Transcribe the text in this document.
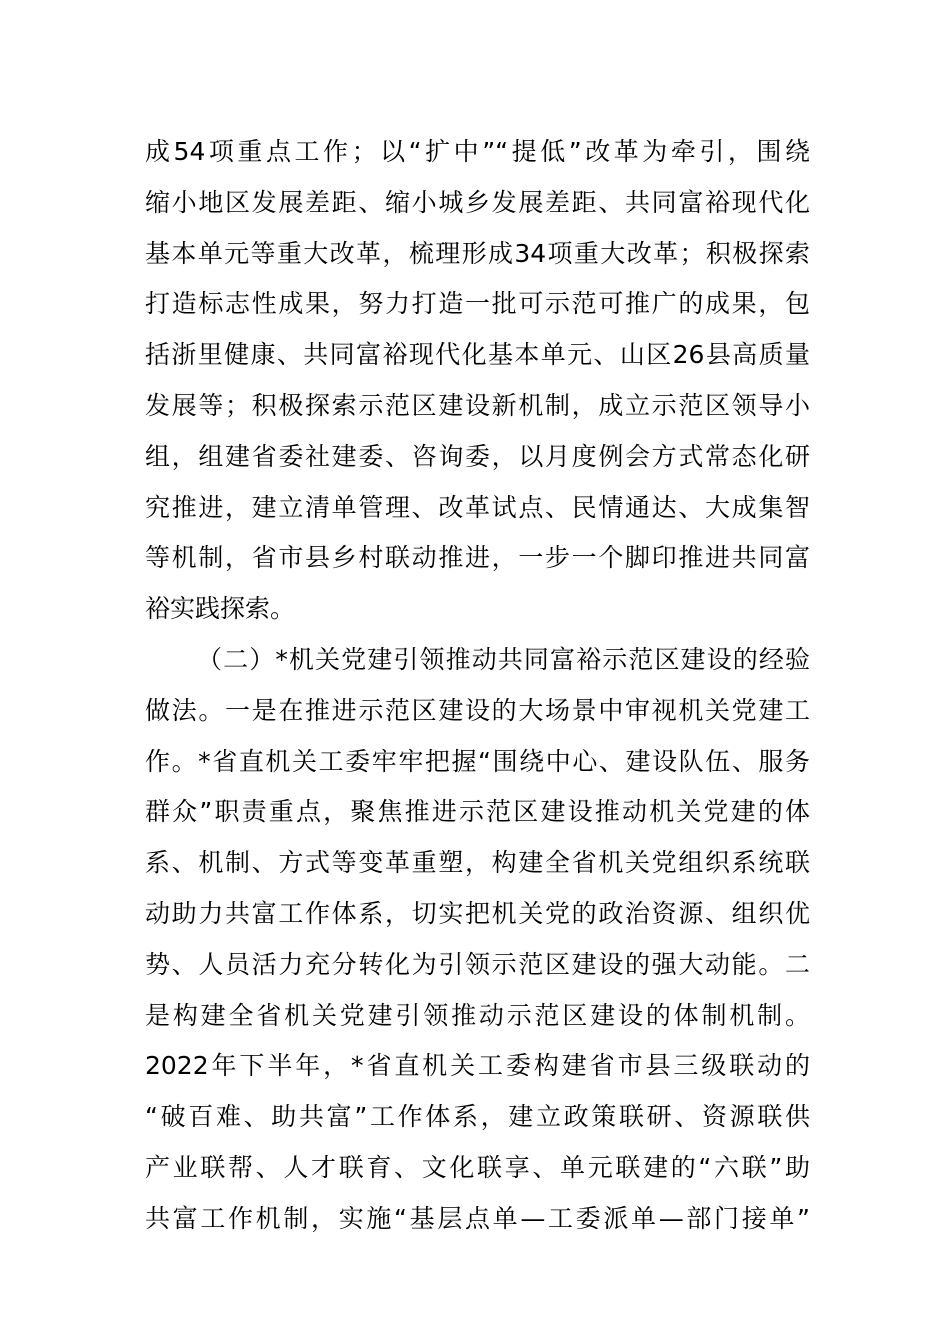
成54项重点工作；以“扩中”“提低”改革为牵引，围绕
缩小地区发展差距、缩小城乡发展差距、共同富裕现代化
基本单元等重大改革，梳理形成34项重大改革；积极探索
打造标志性成果，努力打造一批可示范可推广的成果，包
括浙里健康、共同富裕现代化基本单元、山区26县高质量
发展等；积极探索示范区建设新机制，成立示范区领导小
组，组建省委社建委、咨询委，以月度例会方式常态化研
究推进，建立清单管理、改革试点、民情通达、大成集智
等机制，省市县乡村联动推进，一步一个脚印推进共同富
裕实践探索。
（二）*机关党建引领推动共同富裕示范区建设的经验
做法。一是在推进示范区建设的大场景中审视机关党建工
作。*省直机关工委牢牢把握“围绕中心、建设队伍、服务
群众”职责重点，聚焦推进示范区建设推动机关党建的体
系、机制、方式等变革重塑，构建全省机关党组织系统联
动助力共富工作体系，切实把机关党的政治资源、组织优
势、人员活力充分转化为引领示范区建设的强大动能。二
是构建全省机关党建引领推动示范区建设的体制机制。
2022年下半年，*省直机关工委构建省市县三级联动的
“破百难、助共富”工作体系，建立政策联研、资源联供
产业联帮、人才联育、文化联享、单元联建的“六联”助
共富工作机制，实施“基层点单—工委派单—部门接单”
